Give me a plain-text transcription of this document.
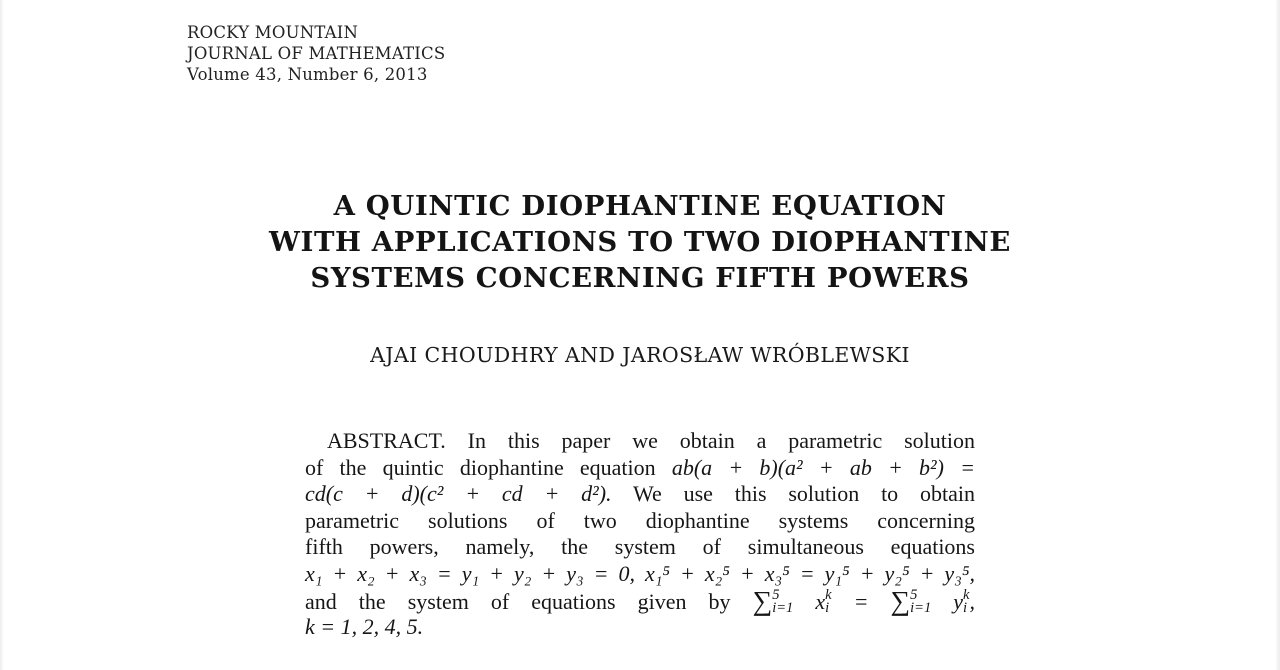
ROCKY MOUNTAIN
JOURNAL OF MATHEMATICS
Volume 43, Number 6, 2013
A QUINTIC DIOPHANTINE EQUATION
WITH APPLICATIONS TO TWO DIOPHANTINE
SYSTEMS CONCERNING FIFTH POWERS
AJAI CHOUDHRY AND JAROSŁAW WRÓBLEWSKI
ABSTRACT. In this paper we obtain a parametric solution
of the quintic diophantine equation ab(a + b)(a² + ab + b²) =
cd(c + d)(c² + cd + d²). We use this solution to obtain
parametric solutions of two diophantine systems concerning
fifth powers, namely, the system of simultaneous equations
x₁ + x₂ + x₃ = y₁ + y₂ + y₃ = 0, x₁⁵ + x₂⁵ + x₃⁵ = y₁⁵ + y₂⁵ + y₃⁵,
and the system of equations given by ∑ 5
i=1 x k
i = ∑ 5
i=1 y k
i ,
k = 1, 2, 4, 5.
